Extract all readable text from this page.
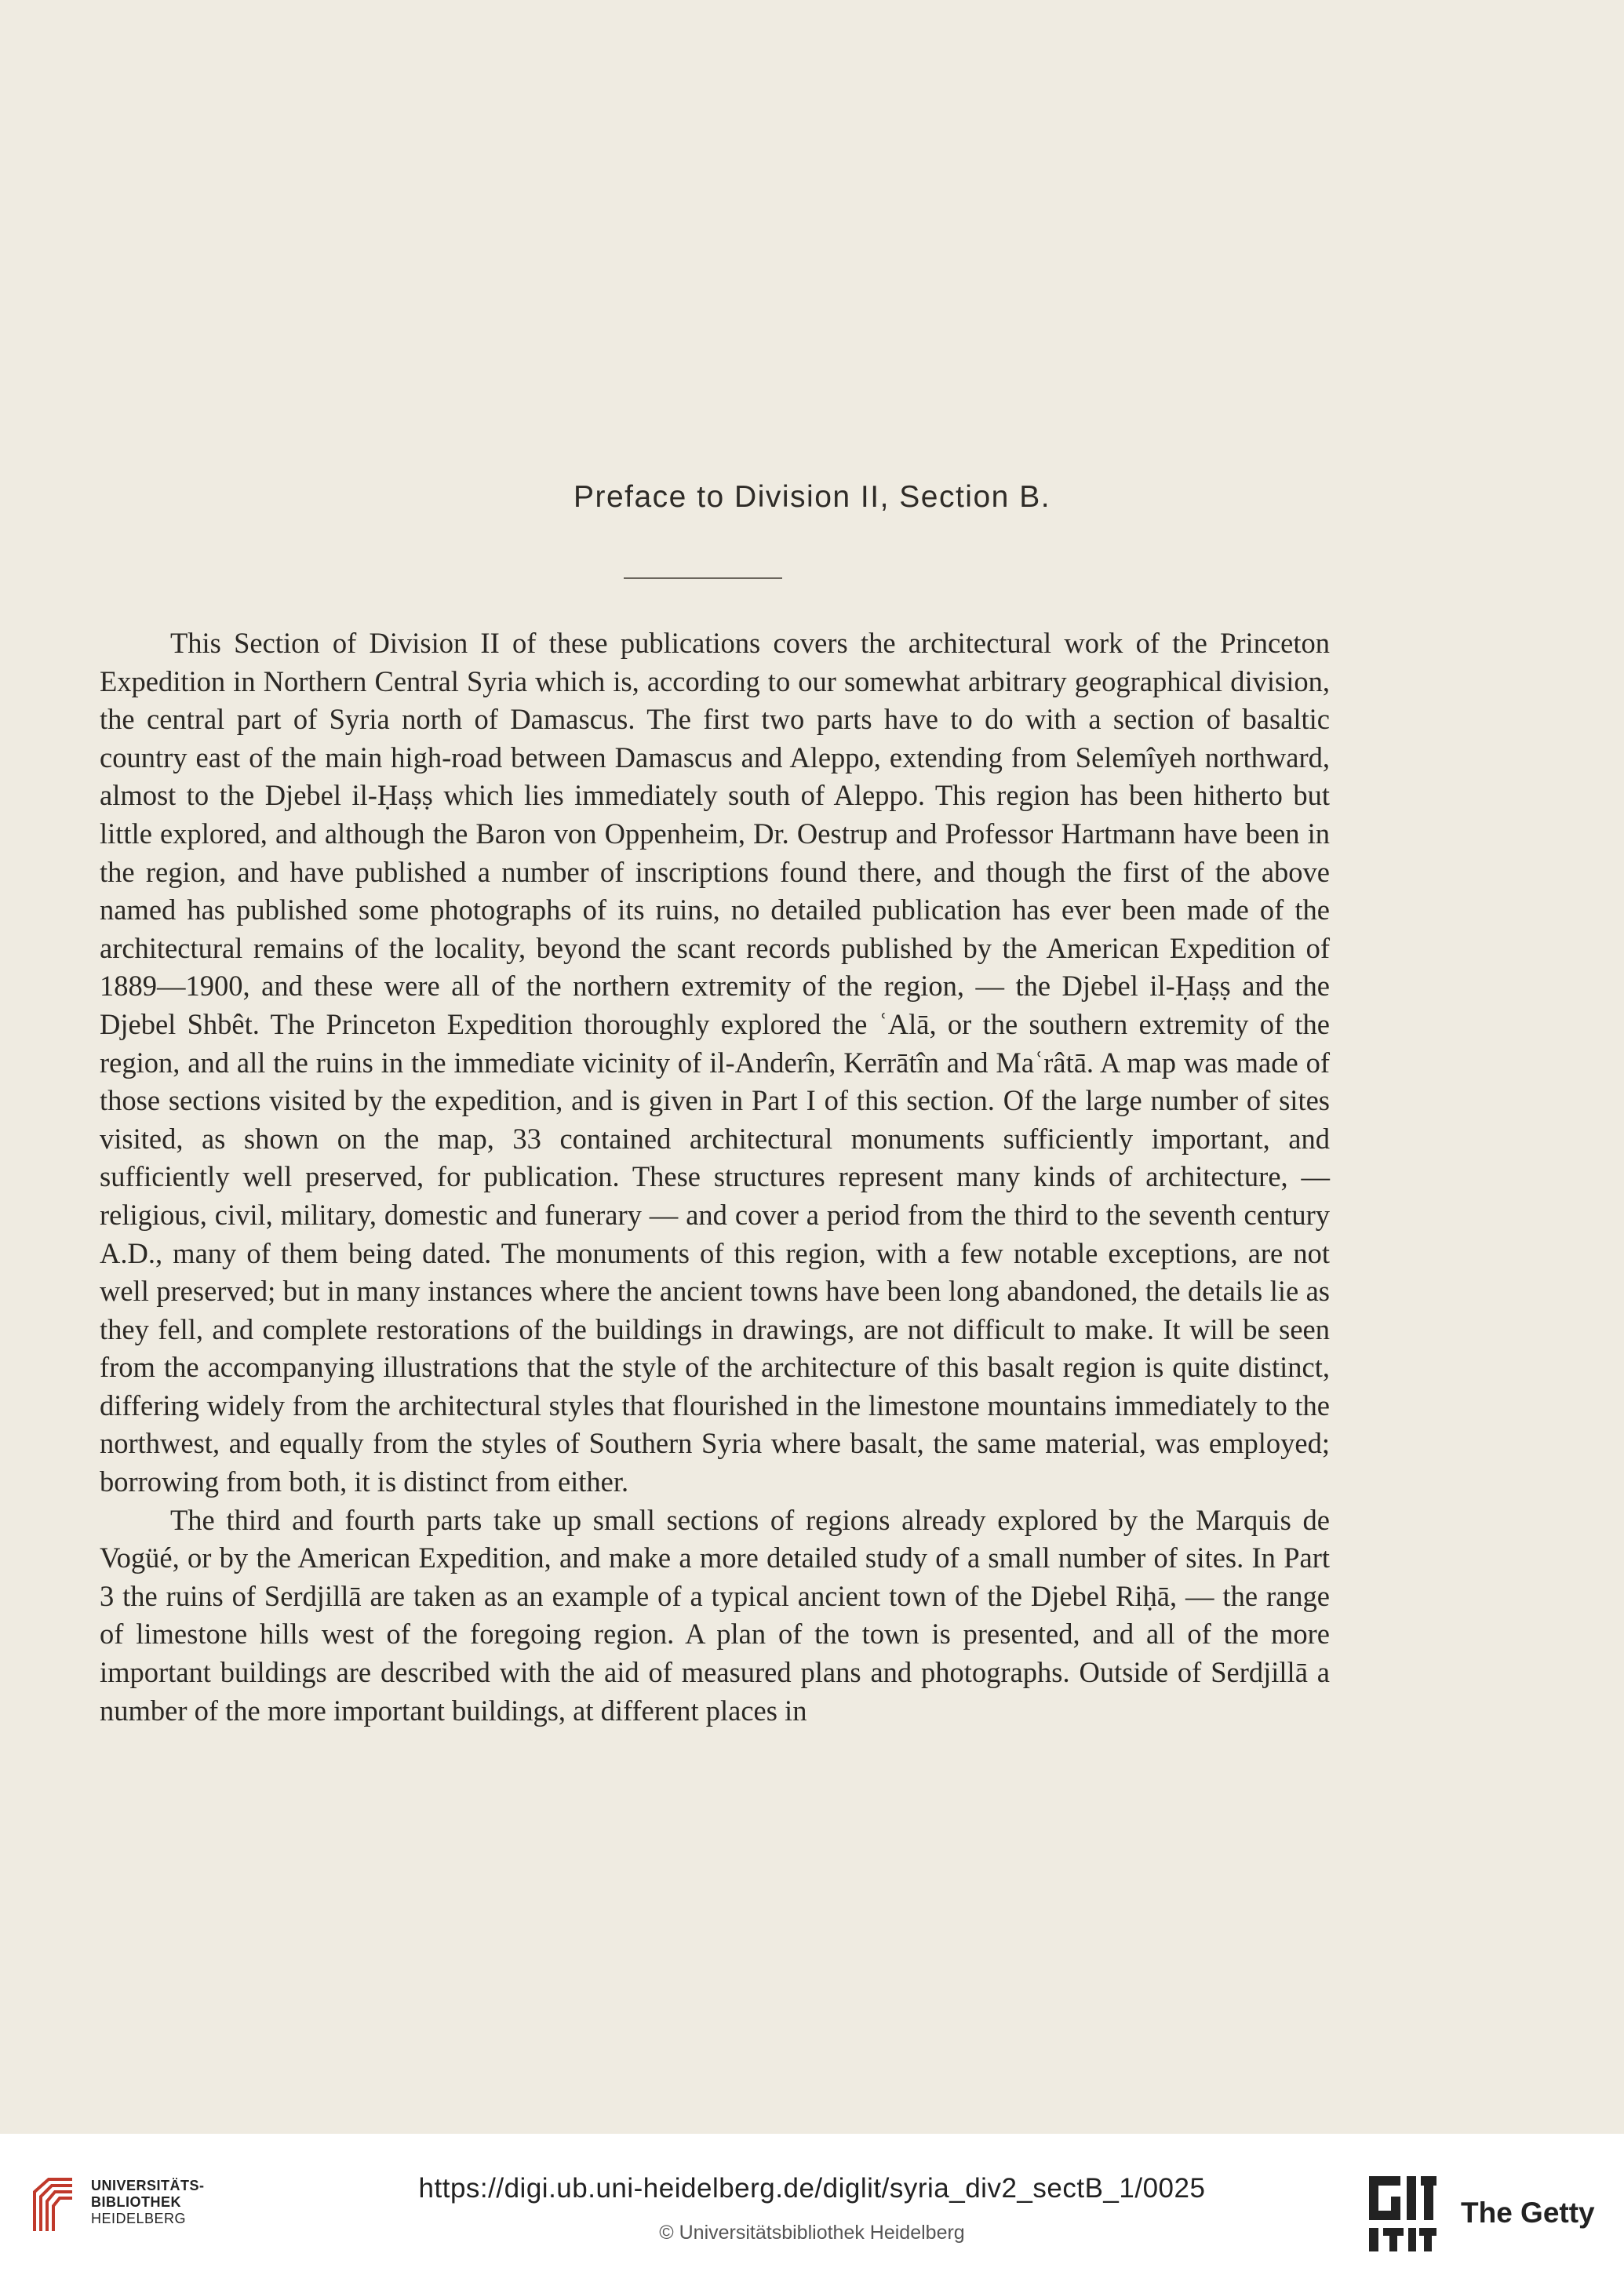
Preface to Division II, Section B.

This Section of Division II of these publications covers the architectural work of the Princeton Expedition in Northern Central Syria which is, according to our somewhat arbitrary geographical division, the central part of Syria north of Damascus. The first two parts have to do with a section of basaltic country east of the main high-road between Damascus and Aleppo, extending from Selemîyeh northward, almost to the Djebel il-Ḥaṣṣ which lies immediately south of Aleppo. This region has been hitherto but little explored, and although the Baron von Oppenheim, Dr. Oestrup and Professor Hartmann have been in the region, and have published a number of inscriptions found there, and though the first of the above named has published some photographs of its ruins, no detailed publication has ever been made of the architectural remains of the locality, beyond the scant records published by the American Expedition of 1889—1900, and these were all of the northern extremity of the region, — the Djebel il-Ḥaṣṣ and the Djebel Shbêt. The Princeton Expedition thoroughly explored the ʿAlā, or the southern extremity of the region, and all the ruins in the immediate vicinity of il-Anderîn, Kerrātîn and Maʿrâtā. A map was made of those sections visited by the expedition, and is given in Part I of this section. Of the large number of sites visited, as shown on the map, 33 contained architectural monuments sufficiently important, and sufficiently well preserved, for publication. These structures represent many kinds of architecture, — religious, civil, military, domestic and funerary — and cover a period from the third to the seventh century A.D., many of them being dated. The monuments of this region, with a few notable exceptions, are not well preserved; but in many instances where the ancient towns have been long abandoned, the details lie as they fell, and complete restorations of the buildings in drawings, are not difficult to make. It will be seen from the accompanying illustrations that the style of the architecture of this basalt region is quite distinct, differing widely from the architectural styles that flourished in the limestone mountains immediately to the northwest, and equally from the styles of Southern Syria where basalt, the same material, was employed; borrowing from both, it is distinct from either.

The third and fourth parts take up small sections of regions already explored by the Marquis de Vogüé, or by the American Expedition, and make a more detailed study of a small number of sites. In Part 3 the ruins of Serdjillā are taken as an example of a typical ancient town of the Djebel Riḥā, — the range of limestone hills west of the foregoing region. A plan of the town is presented, and all of the more important buildings are described with the aid of measured plans and photographs. Outside of Serdjillā a number of the more important buildings, at different places in

UNIVERSITÄTS-
BIBLIOTHEK
HEIDELBERG
https://digi.ub.uni-heidelberg.de/diglit/syria_div2_sectB_1/0025
© Universitätsbibliothek Heidelberg
The Getty
